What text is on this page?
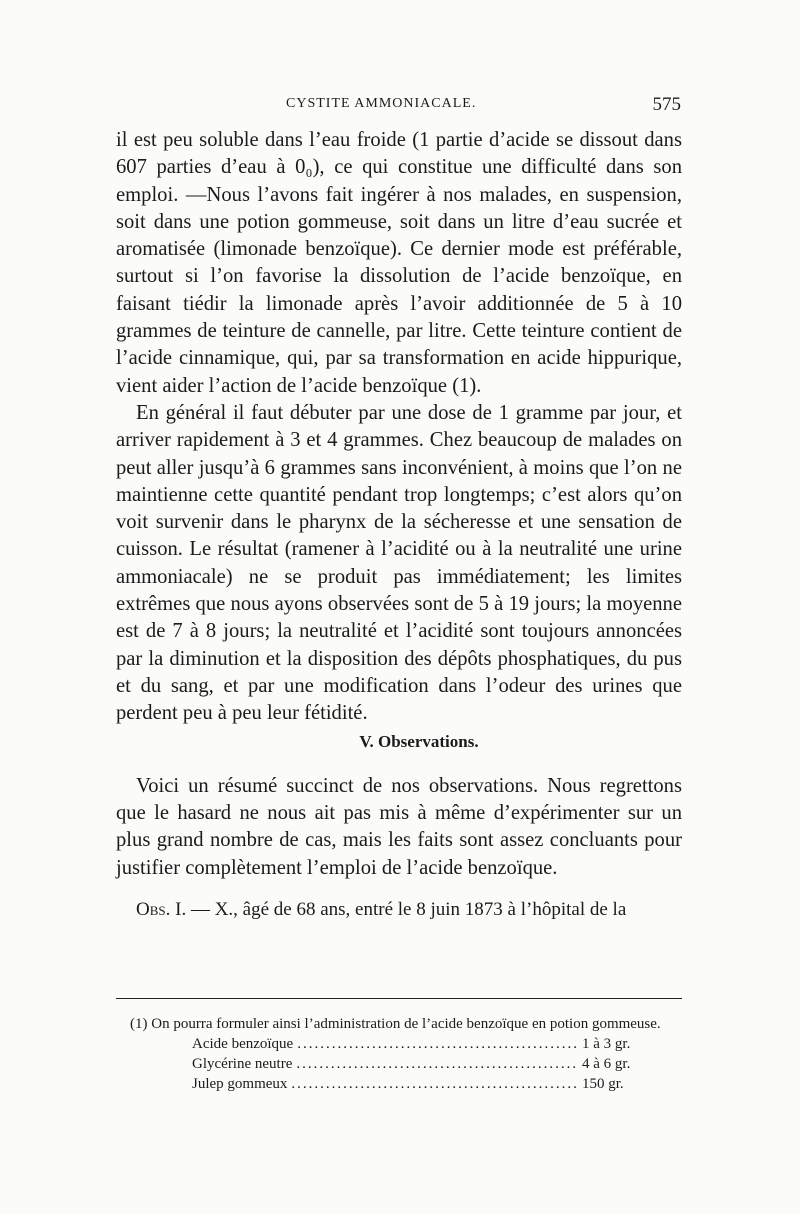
CYSTITE AMMONIACALE.	575

il est peu soluble dans l’eau froide (1 partie d’acide se dissout dans 607 parties d’eau à 0₀), ce qui constitue une difficulté dans son emploi. —Nous l’avons fait ingérer à nos malades, en suspension, soit dans une potion gommeuse, soit dans un litre d’eau sucrée et aromatisée (limonade benzoïque). Ce dernier mode est préférable, surtout si l’on favorise la dissolution de l’acide benzoïque, en faisant tiédir la limonade après l’avoir additionnée de 5 à 10 grammes de teinture de cannelle, par litre. Cette teinture contient de l’acide cinnamique, qui, par sa transformation en acide hippurique, vient aider l’action de l’acide benzoïque (1).

En général il faut débuter par une dose de 1 gramme par jour, et arriver rapidement à 3 et 4 grammes. Chez beaucoup de malades on peut aller jusqu’à 6 grammes sans inconvénient, à moins que l’on ne maintienne cette quantité pendant trop longtemps; c’est alors qu’on voit survenir dans le pharynx de la sécheresse et une sensation de cuisson. Le résultat (ramener à l’acidité ou à la neutralité une urine ammoniacale) ne se produit pas immédiatement; les limites extrêmes que nous ayons observées sont de 5 à 19 jours; la moyenne est de 7 à 8 jours; la neutralité et l’acidité sont toujours annoncées par la diminution et la disposition des dépôts phosphatiques, du pus et du sang, et par une modification dans l’odeur des urines que perdent peu à peu leur fétidité.

V. Observations.

Voici un résumé succinct de nos observations. Nous regrettons que le hasard ne nous ait pas mis à même d’expérimenter sur un plus grand nombre de cas, mais les faits sont assez concluants pour justifier complètement l’emploi de l’acide benzoïque.

Obs. I. — X., âgé de 68 ans, entré le 8 juin 1873 à l’hôpital de la

(1) On pourra formuler ainsi l’administration de l’acide benzoïque en potion gommeuse.

Acide benzoïque .....	1 à 3 gr.
Glycérine neutre .....	4 à 6 gr.
Julep gommeux .....	150 gr.
